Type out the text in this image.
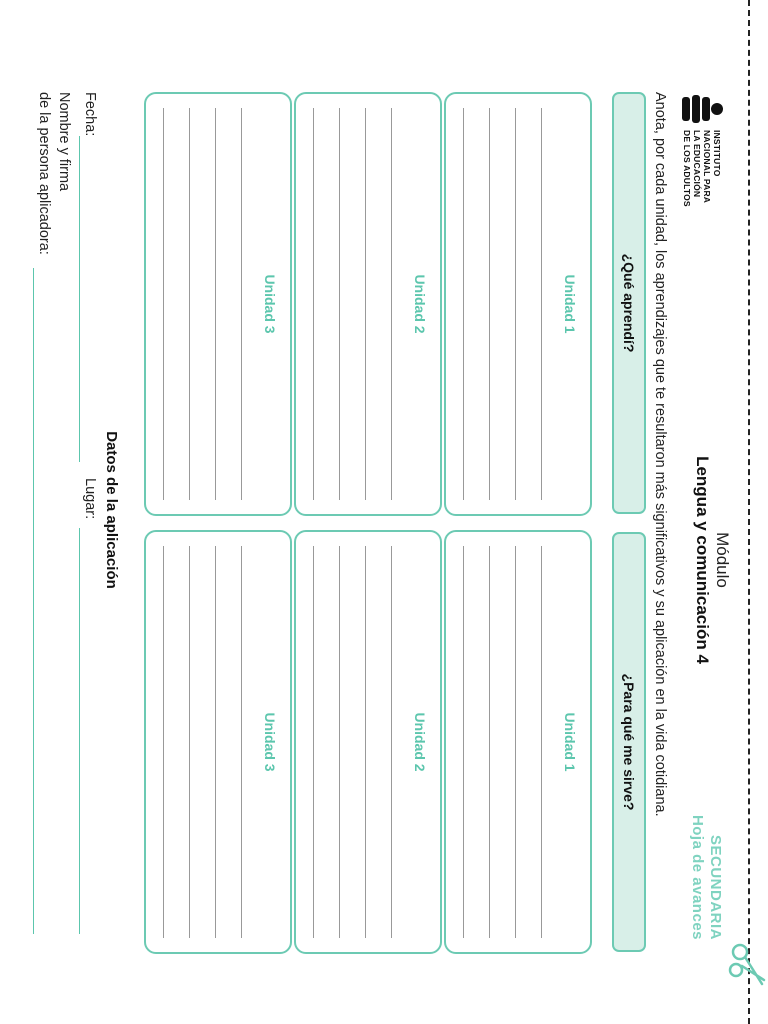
INSTITUTO
NACIONAL PARA
LA EDUCACIÓN
DE LOS ADULTOS
Módulo
Lengua y comunicación 4
SECUNDARIA
Hoja de avances
Anota, por cada unidad, los aprendizajes que te resultaron más significativos y su aplicación en la vida cotidiana.
¿Qué aprendí?
¿Para qué me sirve?
Unidad 1
Unidad 2
Unidad 3
Unidad 1
Unidad 2
Unidad 3
Datos de la aplicación
Fecha:
Lugar:
Nombre y firma
de la persona aplicadora:
